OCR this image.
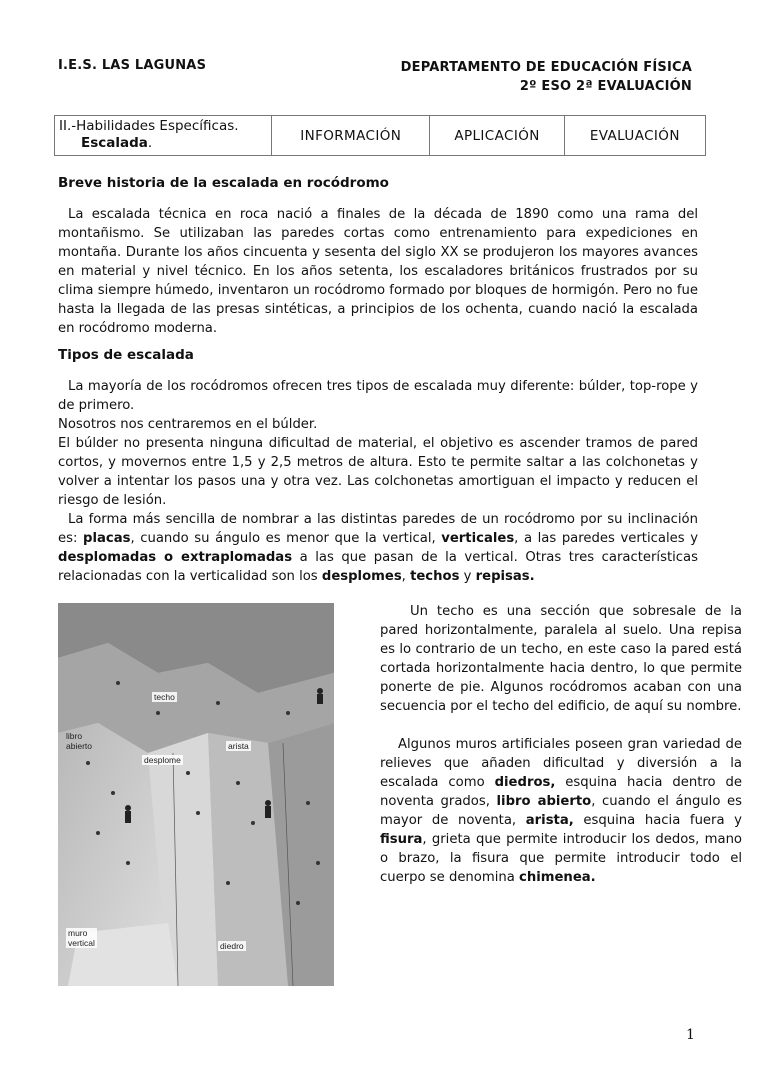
I.E.S. LAS LAGUNAS	DEPARTAMENTO DE EDUCACIÓN FÍSICA
2º ESO 2ª EVALUACIÓN
II.-Habilidades Específicas.
Escalada.	INFORMACIÓN	APLICACIÓN	EVALUACIÓN
Breve historia de la escalada en rocódromo

La escalada técnica en roca nació a finales de la década de 1890 como una rama del montañismo. Se utilizaban las paredes cortas como entrenamiento para expediciones en montaña. Durante los años cincuenta y sesenta del siglo XX se produjeron los mayores avances en material y nivel técnico. En los años setenta, los escaladores británicos frustrados por su clima siempre húmedo, inventaron un rocódromo formado por bloques de hormigón. Pero no fue hasta la llegada de las presas sintéticas, a principios de los ochenta, cuando nació la escalada en rocódromo moderna.

Tipos de escalada

La mayoría de los rocódromos ofrecen tres tipos de escalada muy diferente: búlder, top-rope y de primero.

Nosotros nos centraremos en el búlder.

El búlder no presenta ninguna dificultad de material, el objetivo es ascender tramos de pared cortos, y movernos entre 1,5 y 2,5 metros de altura. Esto te permite saltar a las colchonetas y volver a intentar los pasos una y otra vez. Las colchonetas amortiguan el impacto y reducen el riesgo de lesión.

La forma más sencilla de nombrar a las distintas paredes de un rocódromo por su inclinación es: placas, cuando su ángulo es menor que la vertical, verticales, a las paredes verticales y desplomadas o extraplomadas a las que pasan de la vertical. Otras tres características relacionadas con la verticalidad son los desplomes, techos y repisas.

techo
libro
abierto	arista
desplome
muro
vertical	diedro

Un techo es una sección que sobresale de la pared horizontalmente, paralela al suelo. Una repisa es lo contrario de un techo, en este caso la pared está cortada horizontalmente hacia dentro, lo que permite ponerte de pie. Algunos rocódromos acaban con una secuencia por el techo del edificio, de aquí su nombre.

Algunos muros artificiales poseen gran variedad de relieves que añaden dificultad y diversión a la escalada como diedros, esquina hacia dentro de noventa grados, libro abierto, cuando el ángulo es mayor de noventa, arista, esquina hacia fuera y fisura, grieta que permite introducir los dedos, mano o brazo, la fisura que permite introducir todo el cuerpo se denomina chimenea.

1
